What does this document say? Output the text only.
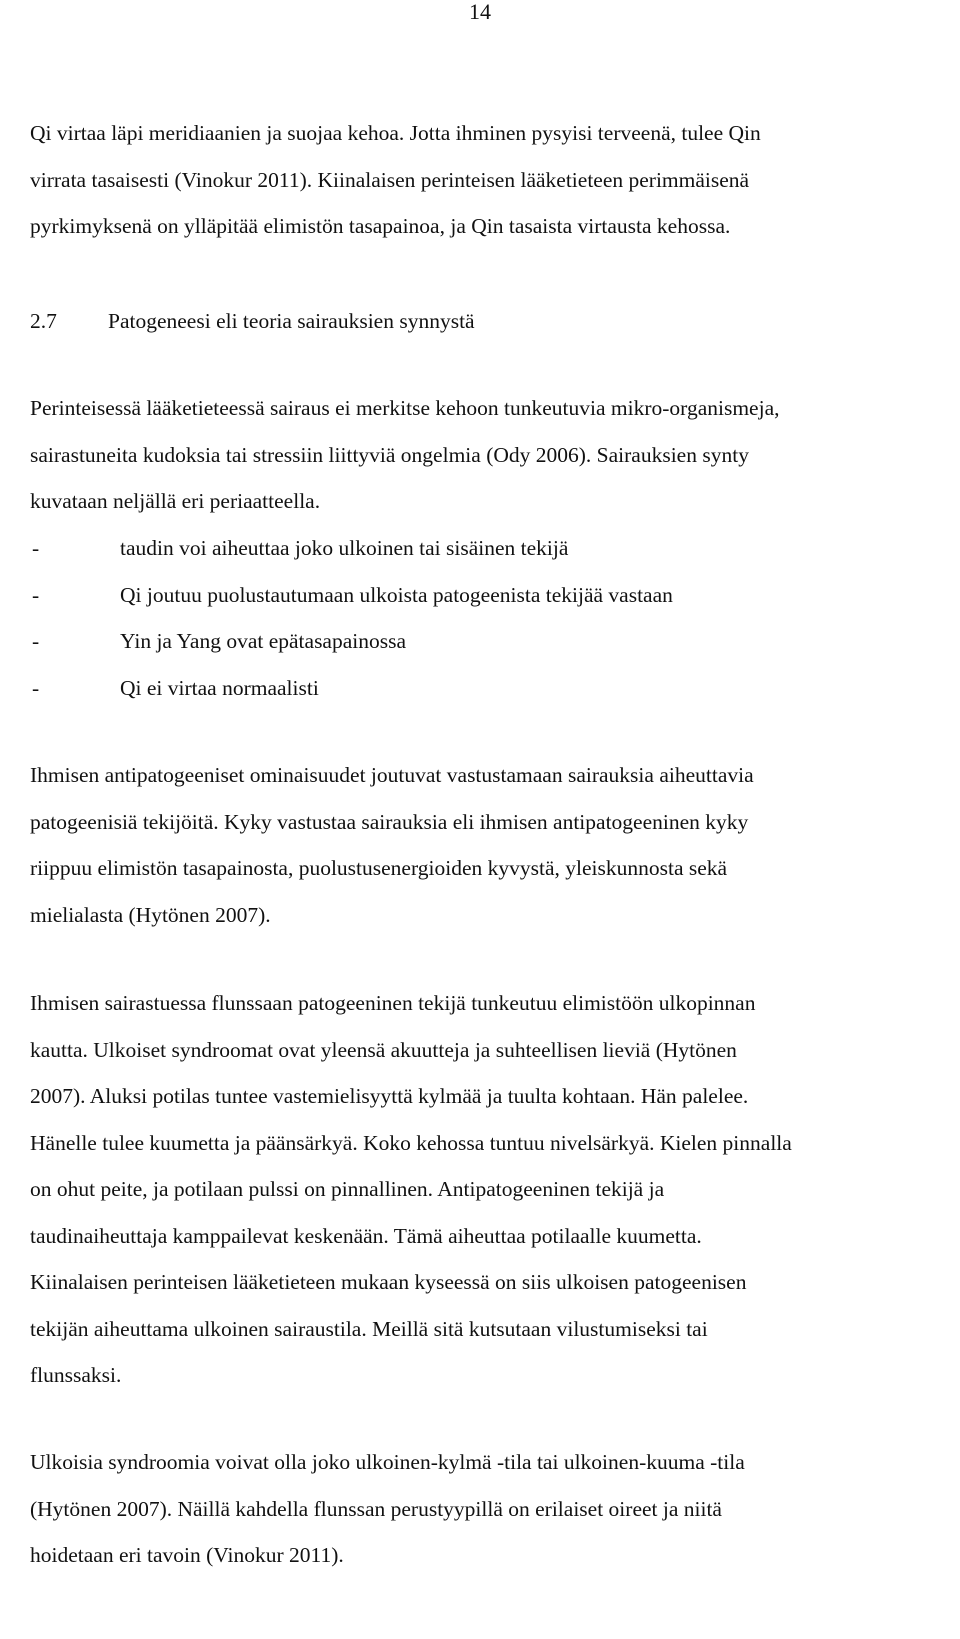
14

Qi virtaa läpi meridiaanien ja suojaa kehoa. Jotta ihminen pysyisi terveenä, tulee Qin
virrata tasaisesti (Vinokur 2011). Kiinalaisen perinteisen lääketieteen perimmäisenä
pyrkimyksenä on ylläpitää elimistön tasapainoa, ja Qin tasaista virtausta kehossa.

2.7 Patogeneesi eli teoria sairauksien synnystä

Perinteisessä lääketieteessä sairaus ei merkitse kehoon tunkeutuvia mikro-organismeja,
sairastuneita kudoksia tai stressiin liittyviä ongelmia (Ody 2006). Sairauksien synty
kuvataan neljällä eri periaatteella.

-	taudin voi aiheuttaa joko ulkoinen tai sisäinen tekijä
-	Qi joutuu puolustautumaan ulkoista patogeenista tekijää vastaan
-	Yin ja Yang ovat epätasapainossa
-	Qi ei virtaa normaalisti

Ihmisen antipatogeeniset ominaisuudet joutuvat vastustamaan sairauksia aiheuttavia
patogeenisiä tekijöitä. Kyky vastustaa sairauksia eli ihmisen antipatogeeninen kyky
riippuu elimistön tasapainosta, puolustusenergioiden kyvystä, yleiskunnosta sekä
mielialasta (Hytönen 2007).

Ihmisen sairastuessa flunssaan patogeeninen tekijä tunkeutuu elimistöön ulkopinnan
kautta. Ulkoiset syndroomat ovat yleensä akuutteja ja suhteellisen lieviä (Hytönen
2007). Aluksi potilas tuntee vastemielisyyttä kylmää ja tuulta kohtaan. Hän palelee.
Hänelle tulee kuumetta ja päänsärkyä. Koko kehossa tuntuu nivelsärkyä. Kielen pinnalla
on ohut peite, ja potilaan pulssi on pinnallinen. Antipatogeeninen tekijä ja
taudinaiheuttaja kamppailevat keskenään. Tämä aiheuttaa potilaalle kuumetta.
Kiinalaisen perinteisen lääketieteen mukaan kyseessä on siis ulkoisen patogeenisen
tekijän aiheuttama ulkoinen sairaustila. Meillä sitä kutsutaan vilustumiseksi tai
flunssaksi.

Ulkoisia syndroomia voivat olla joko ulkoinen-kylmä -tila tai ulkoinen-kuuma -tila
(Hytönen 2007). Näillä kahdella flunssan perustyypillä on erilaiset oireet ja niitä
hoidetaan eri tavoin (Vinokur 2011).
